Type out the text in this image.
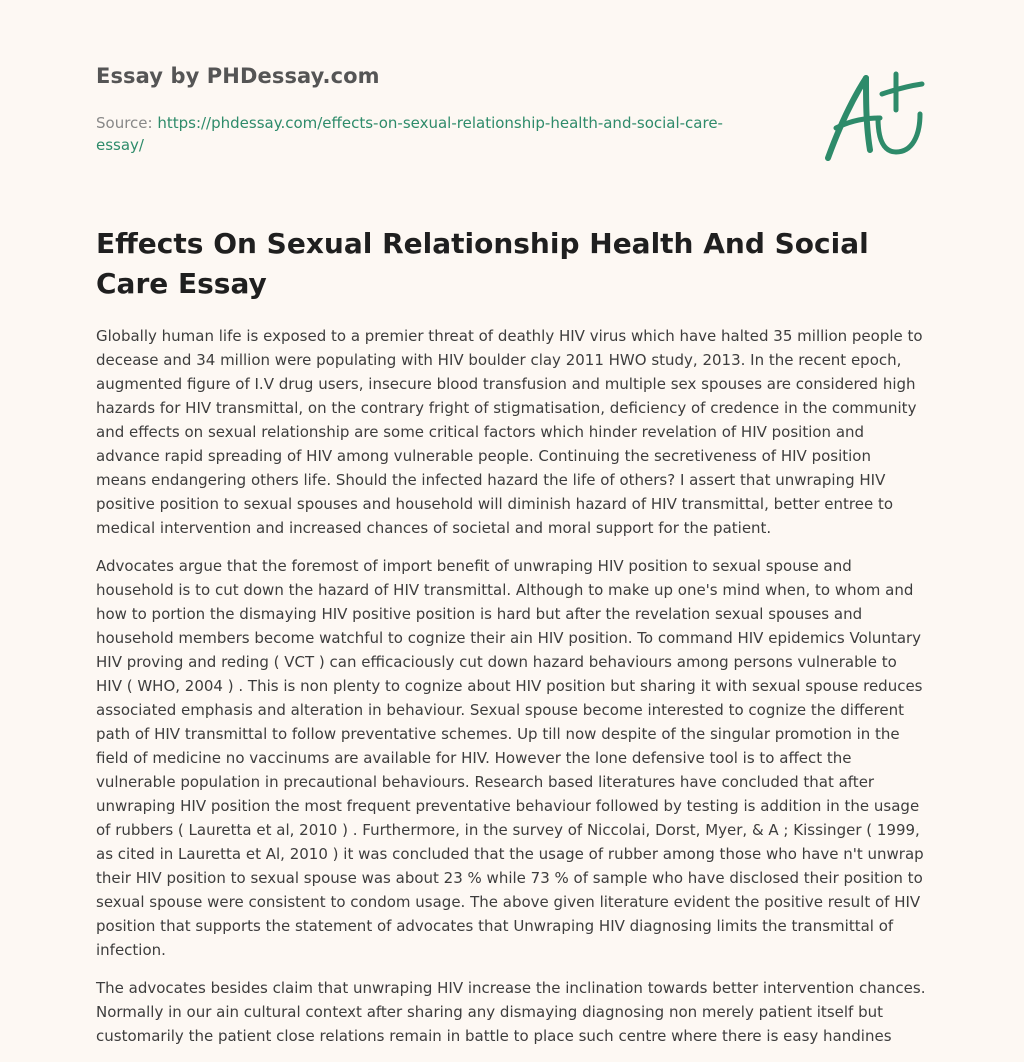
Essay by PHDessay.com
Source: https://phdessay.com/effects-on-sexual-relationship-health-and-social-care-essay/
Effects On Sexual Relationship Health And Social Care Essay

Globally human life is exposed to a premier threat of deathly HIV virus which have halted 35 million people to decease and 34 million were populating with HIV boulder clay 2011 HWO study, 2013. In the recent epoch, augmented figure of I.V drug users, insecure blood transfusion and multiple sex spouses are considered high hazards for HIV transmittal, on the contrary fright of stigmatisation, deficiency of credence in the community and effects on sexual relationship are some critical factors which hinder revelation of HIV position and advance rapid spreading of HIV among vulnerable people. Continuing the secretiveness of HIV position means endangering others life. Should the infected hazard the life of others? I assert that unwraping HIV positive position to sexual spouses and household will diminish hazard of HIV transmittal, better entree to medical intervention and increased chances of societal and moral support for the patient.

Advocates argue that the foremost of import benefit of unwraping HIV position to sexual spouse and household is to cut down the hazard of HIV transmittal. Although to make up one's mind when, to whom and how to portion the dismaying HIV positive position is hard but after the revelation sexual spouses and household members become watchful to cognize their ain HIV position. To command HIV epidemics Voluntary HIV proving and reding ( VCT ) can efficaciously cut down hazard behaviours among persons vulnerable to HIV ( WHO, 2004 ) . This is non plenty to cognize about HIV position but sharing it with sexual spouse reduces associated emphasis and alteration in behaviour. Sexual spouse become interested to cognize the different path of HIV transmittal to follow preventative schemes. Up till now despite of the singular promotion in the field of medicine no vaccinums are available for HIV. However the lone defensive tool is to affect the vulnerable population in precautional behaviours. Research based literatures have concluded that after unwraping HIV position the most frequent preventative behaviour followed by testing is addition in the usage of rubbers ( Lauretta et al, 2010 ) . Furthermore, in the survey of Niccolai, Dorst, Myer, & A ; Kissinger ( 1999, as cited in Lauretta et Al, 2010 ) it was concluded that the usage of rubber among those who have n't unwrap their HIV position to sexual spouse was about 23 % while 73 % of sample who have disclosed their position to sexual spouse were consistent to condom usage. The above given literature evident the positive result of HIV position that supports the statement of advocates that Unwraping HIV diagnosing limits the transmittal of infection.

The advocates besides claim that unwraping HIV increase the inclination towards better intervention chances. Normally in our ain cultural context after sharing any dismaying diagnosing non merely patient itself but customarily the patient close relations remain in battle to place such centre where there is easy handines
